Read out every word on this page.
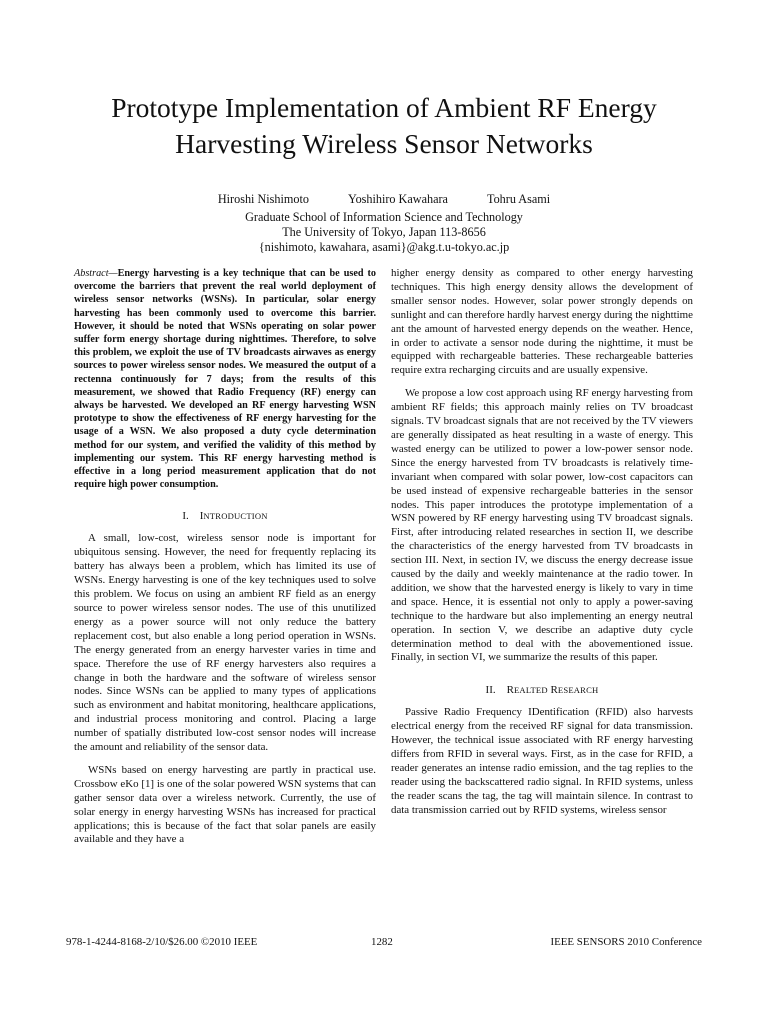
Prototype Implementation of Ambient RF Energy Harvesting Wireless Sensor Networks
Hiroshi Nishimoto	Yoshihiro Kawahara	Tohru Asami
Graduate School of Information Science and Technology
The University of Tokyo, Japan 113-8656
{nishimoto, kawahara, asami}@akg.t.u-tokyo.ac.jp

Abstract—Energy harvesting is a key technique that can be used to overcome the barriers that prevent the real world deployment of wireless sensor networks (WSNs). In particular, solar energy harvesting has been commonly used to overcome this barrier. However, it should be noted that WSNs operating on solar power suffer form energy shortage during nighttimes. Therefore, to solve this problem, we exploit the use of TV broadcasts airwaves as energy sources to power wireless sensor nodes. We measured the output of a rectenna continuously for 7 days; from the results of this measurement, we showed that Radio Frequency (RF) energy can always be harvested. We developed an RF energy harvesting WSN prototype to show the effectiveness of RF energy harvesting for the usage of a WSN. We also proposed a duty cycle determination method for our system, and verified the validity of this method by implementing our system. This RF energy harvesting method is effective in a long period measurement application that do not require high power consumption.

I. INTRODUCTION

A small, low-cost, wireless sensor node is important for ubiquitous sensing. However, the need for frequently replacing its battery has always been a problem, which has limited its use of WSNs. Energy harvesting is one of the key techniques used to solve this problem. We focus on using an ambient RF field as an energy source to power wireless sensor nodes. The use of this unutilized energy as a power source will not only reduce the battery replacement cost, but also enable a long period operation in WSNs. The energy generated from an energy harvester varies in time and space. Therefore the use of RF energy harvesters also requires a change in both the hardware and the software of wireless sensor nodes. Since WSNs can be applied to many types of applications such as environment and habitat monitoring, healthcare applications, and industrial process monitoring and control. Placing a large number of spatially distributed low-cost sensor nodes will increase the amount and reliability of the sensor data.

WSNs based on energy harvesting are partly in practical use. Crossbow eKo [1] is one of the solar powered WSN systems that can gather sensor data over a wireless network. Currently, the use of solar energy in energy harvesting WSNs has increased for practical applications; this is because of the fact that solar panels are easily available and they have a

higher energy density as compared to other energy harvesting techniques. This high energy density allows the development of smaller sensor nodes. However, solar power strongly depends on sunlight and can therefore hardly harvest energy during the nighttime ant the amount of harvested energy depends on the weather. Hence, in order to activate a sensor node during the nighttime, it must be equipped with rechargeable batteries. These rechargeable batteries require extra recharging circuits and are usually expensive.

We propose a low cost approach using RF energy harvesting from ambient RF fields; this approach mainly relies on TV broadcast signals. TV broadcast signals that are not received by the TV viewers are generally dissipated as heat resulting in a waste of energy. This wasted energy can be utilized to power a low-power sensor node. Since the energy harvested from TV broadcasts is relatively time-invariant when compared with solar power, low-cost capacitors can be used instead of expensive rechargeable batteries in the sensor nodes. This paper introduces the prototype implementation of a WSN powered by RF energy harvesting using TV broadcast signals. First, after introducing related researches in section II, we describe the characteristics of the energy harvested from TV broadcasts in section III. Next, in section IV, we discuss the energy decrease issue caused by the daily and weekly maintenance at the radio tower. In addition, we show that the harvested energy is likely to vary in time and space. Hence, it is essential not only to apply a power-saving technique to the hardware but also implementing an energy neutral operation. In section V, we describe an adaptive duty cycle determination method to deal with the abovementioned issue. Finally, in section VI, we summarize the results of this paper.

II. REALTED RESEARCH

Passive Radio Frequency IDentification (RFID) also harvests electrical energy from the received RF signal for data transmission. However, the technical issue associated with RF energy harvesting differs from RFID in several ways. First, as in the case for RFID, a reader generates an intense radio emission, and the tag replies to the reader using the backscattered radio signal. In RFID systems, unless the reader scans the tag, the tag will maintain silence. In contrast to data transmission carried out by RFID systems, wireless sensor

978-1-4244-8168-2/10/$26.00 ©2010 IEEE	1282	IEEE SENSORS 2010 Conference
